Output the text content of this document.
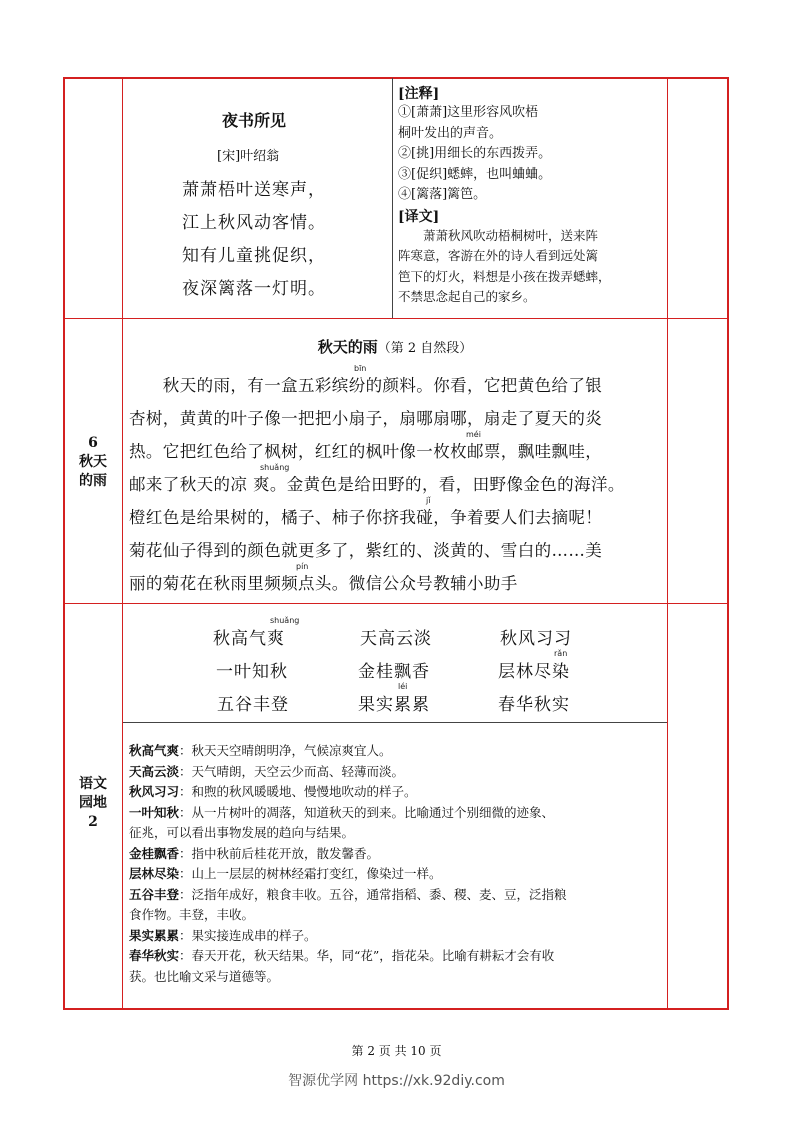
夜书所见
[宋]叶绍翁
萧萧梧叶送寒声，
江上秋风动客情。
知有儿童挑促织，
夜深篱落一灯明。
[注释]
①[萧萧]这里形容风吹梧
桐叶发出的声音。
②[挑]用细长的东西拨弄。
③[促织]蟋蟀，也叫蛐蛐。
④[篱落]篱笆。
[译文]
　　萧萧秋风吹动梧桐树叶，送来阵
阵寒意，客游在外的诗人看到远处篱
笆下的灯火，料想是小孩在拨弄蟋蟀，
不禁思念起自己的家乡。
6
秋天
的雨
秋天的雨（第 2 自然段）
　　秋天的雨，有一盒五彩缤纷的颜料。你看，它把黄色给了银
杏树，黄黄的叶子像一把把小扇子，扇哪扇哪，扇走了夏天的炎
热。它把红色给了枫树，红红的枫叶像一枚枚邮票，飘哇飘哇，
邮来了秋天的凉 爽。金黄色是给田野的，看，田野像金色的海洋。
橙红色是给果树的，橘子、柿子你挤我碰，争着要人们去摘呢！
菊花仙子得到的颜色就更多了，紫红的、淡黄的、雪白的……美
丽的菊花在秋雨里频频点头。微信公众号教辅小助手
bīn
méi
shuǎng
jǐ
pín
语文
园地
2
秋高气爽	天高云淡	秋风习习
一叶知秋	金桂飘香	层林尽染
五谷丰登	果实累累	春华秋实
shuǎng
rǎn
léi
秋高气爽：秋天天空晴朗明净，气候凉爽宜人。
天高云淡：天气晴朗，天空云少而高、轻薄而淡。
秋风习习：和煦的秋风暖暖地、慢慢地吹动的样子。
一叶知秋：从一片树叶的凋落，知道秋天的到来。比喻通过个别细微的迹象、
征兆，可以看出事物发展的趋向与结果。
金桂飘香：指中秋前后桂花开放，散发馨香。
层林尽染：山上一层层的树林经霜打变红，像染过一样。
五谷丰登：泛指年成好，粮食丰收。五谷，通常指稻、黍、稷、麦、豆，泛指粮
食作物。丰登，丰收。
果实累累：果实接连成串的样子。
春华秋实：春天开花，秋天结果。华，同“花”，指花朵。比喻有耕耘才会有收
获。也比喻文采与道德等。
第 2 页 共 10 页
智源优学网 https://xk.92diy.com
